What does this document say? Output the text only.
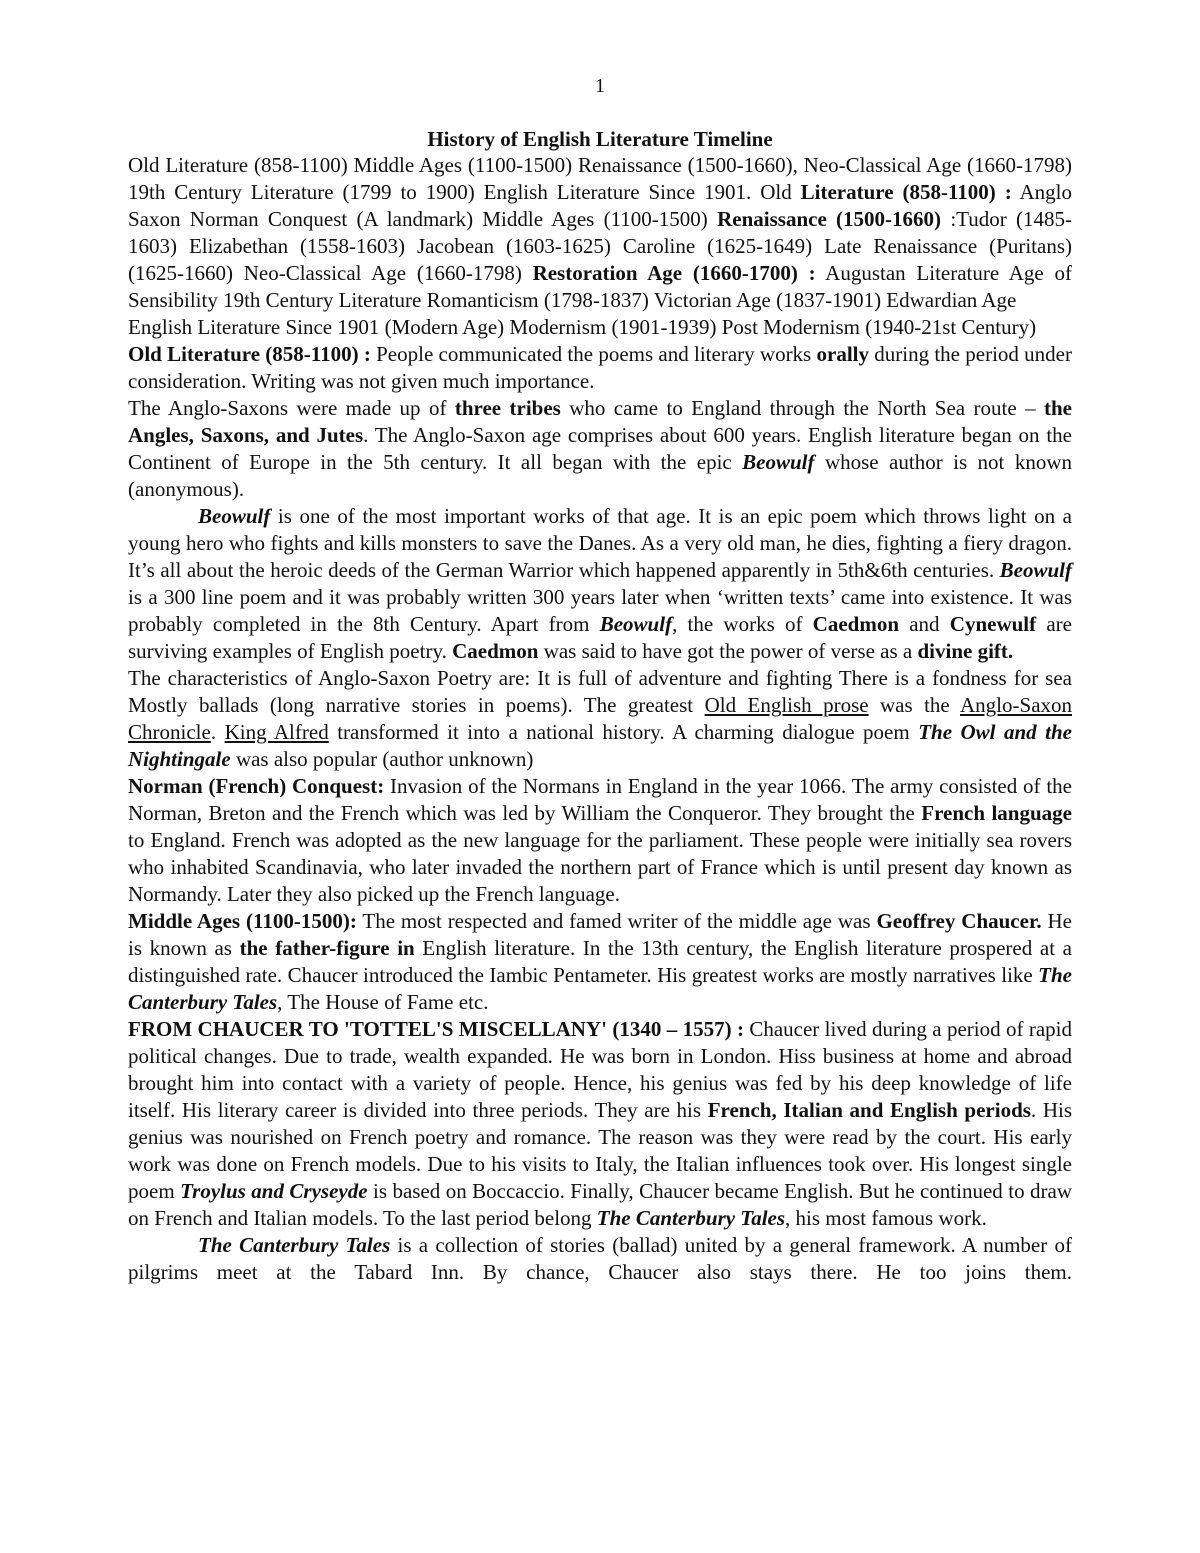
1
History of English Literature Timeline

Old Literature (858-1100) Middle Ages (1100-1500) Renaissance (1500-1660), Neo-Classical Age (1660-1798) 19th Century Literature (1799 to 1900) English Literature Since 1901. Old Literature (858-1100) : Anglo Saxon Norman Conquest (A landmark) Middle Ages (1100-1500) Renaissance (1500-1660) :Tudor (1485-1603) Elizabethan (1558-1603) Jacobean (1603-1625) Caroline (1625-1649) Late Renaissance (Puritans) (1625-1660) Neo-Classical Age (1660-1798) Restoration Age (1660-1700) : Augustan Literature Age of Sensibility 19th Century Literature Romanticism (1798-1837) Victorian Age (1837-1901) Edwardian Age

English Literature Since 1901 (Modern Age) Modernism (1901-1939) Post Modernism (1940-21st Century)

Old Literature (858-1100) : People communicated the poems and literary works orally during the period under consideration. Writing was not given much importance.

The Anglo-Saxons were made up of three tribes who came to England through the North Sea route – the Angles, Saxons, and Jutes. The Anglo-Saxon age comprises about 600 years. English literature began on the Continent of Europe in the 5th century. It all began with the epic Beowulf whose author is not known (anonymous).

Beowulf is one of the most important works of that age. It is an epic poem which throws light on a young hero who fights and kills monsters to save the Danes. As a very old man, he dies, fighting a fiery dragon. It’s all about the heroic deeds of the German Warrior which happened apparently in 5th&6th centuries. Beowulf is a 300 line poem and it was probably written 300 years later when ‘written texts’ came into existence. It was probably completed in the 8th Century. Apart from Beowulf, the works of Caedmon and Cynewulf are surviving examples of English poetry. Caedmon was said to have got the power of verse as a divine gift.

The characteristics of Anglo-Saxon Poetry are: It is full of adventure and fighting There is a fondness for sea Mostly ballads (long narrative stories in poems). The greatest Old English prose was the Anglo-Saxon Chronicle. King Alfred transformed it into a national history. A charming dialogue poem The Owl and the Nightingale was also popular (author unknown)

Norman (French) Conquest: Invasion of the Normans in England in the year 1066. The army consisted of the Norman, Breton and the French which was led by William the Conqueror. They brought the French language to England. French was adopted as the new language for the parliament. These people were initially sea rovers who inhabited Scandinavia, who later invaded the northern part of France which is until present day known as Normandy. Later they also picked up the French language.

Middle Ages (1100-1500): The most respected and famed writer of the middle age was Geoffrey Chaucer. He is known as the father-figure in English literature. In the 13th century, the English literature prospered at a distinguished rate. Chaucer introduced the Iambic Pentameter. His greatest works are mostly narratives like The Canterbury Tales, The House of Fame etc.

FROM CHAUCER TO 'TOTTEL'S MISCELLANY' (1340 – 1557) : Chaucer lived during a period of rapid political changes. Due to trade, wealth expanded. He was born in London. Hiss business at home and abroad brought him into contact with a variety of people. Hence, his genius was fed by his deep knowledge of life itself. His literary career is divided into three periods. They are his French, Italian and English periods. His genius was nourished on French poetry and romance. The reason was they were read by the court. His early work was done on French models. Due to his visits to Italy, the Italian influences took over. His longest single poem Troylus and Cryseyde is based on Boccaccio. Finally, Chaucer became English. But he continued to draw on French and Italian models. To the last period belong The Canterbury Tales, his most famous work.

The Canterbury Tales is a collection of stories (ballad) united by a general framework. A number of pilgrims meet at the Tabard Inn. By chance, Chaucer also stays there. He too joins them.
